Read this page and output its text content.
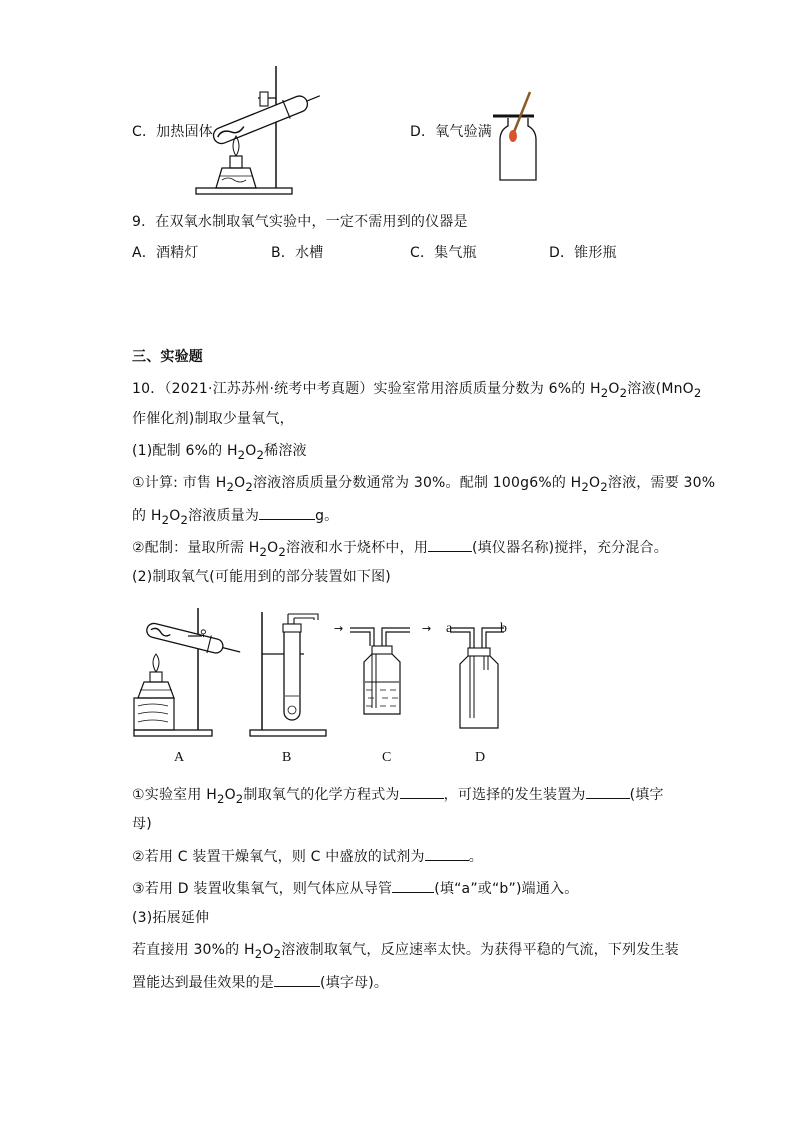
C．加热固体	D．氧气验满
9．在双氧水制取氧气实验中，一定不需用到的仪器是
A．酒精灯	B．水槽	C．集气瓶	D．锥形瓶
三、实验题
10．（2021·江苏苏州·统考中考真题）实验室常用溶质质量分数为 6%的 $H_2O_2$溶液(MnO$_2$
作催化剂)制取少量氧气，
(1)配制 6%的 $H_2O_2$稀溶液
①计算: 市售 $H_2O_2$溶液溶质质量分数通常为 30%。配制 100g6%的 $H_2O_2$溶液，需要 30%
的 $H_2O_2$溶液质量为	g。
②配制：量取所需 $H_2O_2$溶液和水于烧杯中，用	(填仪器名称)搅拌，充分混合。
(2)制取氧气(可能用到的部分装置如下图)
⚲	→	→ a	b
A	B	C	D
①实验室用 $H_2O_2$制取氧气的化学方程式为	，可选择的发生装置为	(填字
母)
②若用 C 装置干燥氧气，则 C 中盛放的试剂为	。
③若用 D 装置收集氧气，则气体应从导管	(填“a”或“b”)端通入。
(3)拓展延伸
若直接用 30%的 $H_2O_2$溶液制取氧气，反应速率太快。为获得平稳的气流，下列发生装
置能达到最佳效果的是	(填字母)。
